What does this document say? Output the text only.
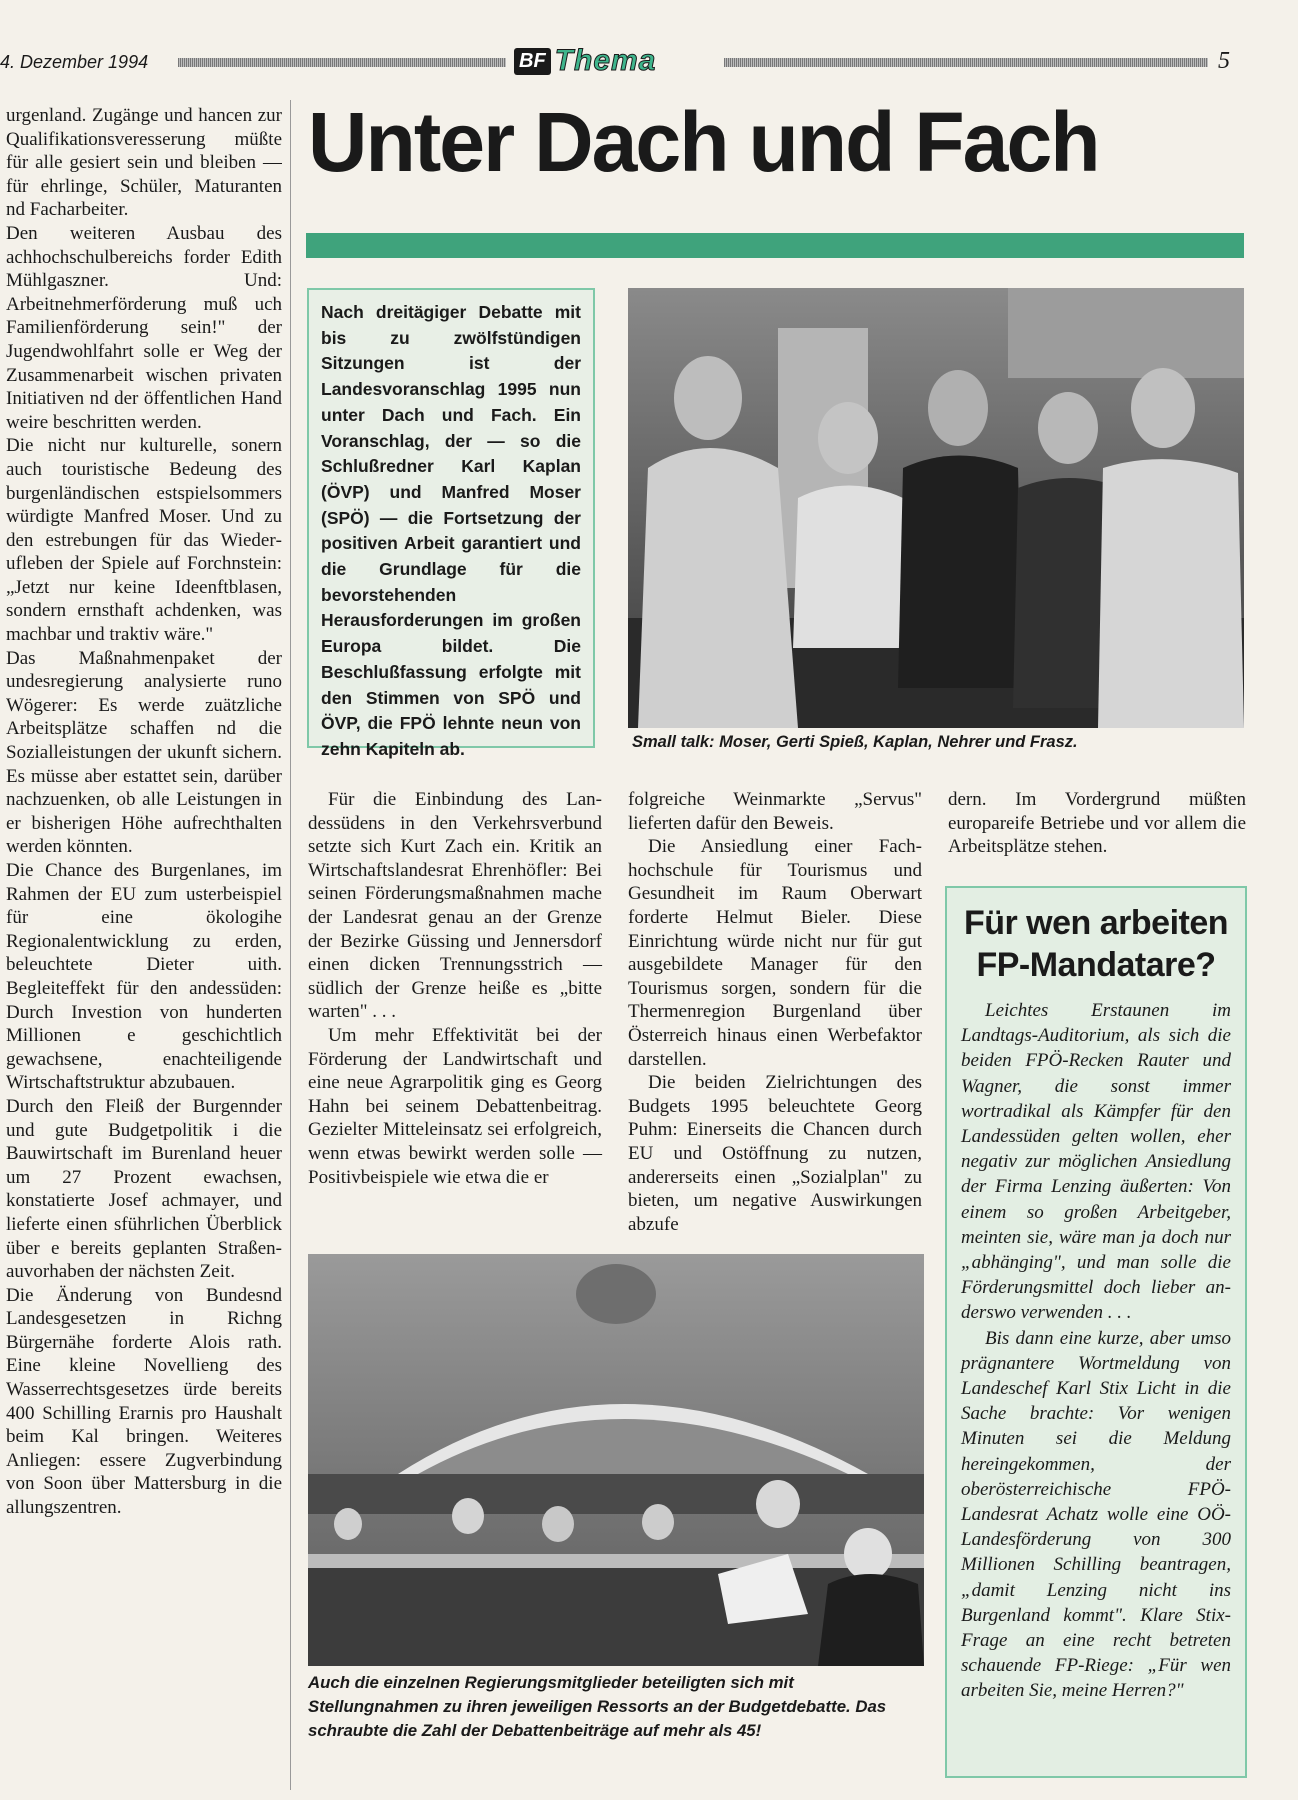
4. Dezember 1994	BF Thema	5
Unter Dach und Fach

urgenland. Zugänge und hancen zur Qualifikationsveresserung müßte für alle gesiert sein und bleiben — für ehrlinge, Schüler, Maturanten nd Facharbeiter.

Den weiteren Ausbau des achhochschulbereichs forder Edith Mühlgaszner. Und: Arbeitnehmerförderung muß uch Familienförderung sein!" der Jugendwohlfahrt solle er Weg der Zusammenarbeit wischen privaten Initiativen nd der öffentlichen Hand weire beschritten werden.

Die nicht nur kulturelle, sonern auch touristische Bedeung des burgenländischen estspielsommers würdigte Manfred Moser. Und zu den estrebungen für das Wiederufleben der Spiele auf Forchnstein: „Jetzt nur keine Ideenftblasen, sondern ernsthaft achdenken, was machbar und traktiv wäre."

Das Maßnahmenpaket der undesregierung analysierte runo Wögerer: Es werde zuätzliche Arbeitsplätze schaffen nd die Sozialleistungen der ukunft sichern. Es müsse aber estattet sein, darüber nachzuenken, ob alle Leistungen in er bisherigen Höhe aufrechthalten werden könnten.

Die Chance des Burgenlanes, im Rahmen der EU zum usterbeispiel für eine ökologihe Regionalentwicklung zu erden, beleuchtete Dieter uith. Begleiteffekt für den andessüden: Durch Investion von hunderten Millionen e geschichtlich gewachsene, enachteiligende Wirtschaftstruktur abzubauen.

Durch den Fleiß der Burgennder und gute Budgetpolitik i die Bauwirtschaft im Burenland heuer um 27 Prozent ewachsen, konstatierte Josef achmayer, und lieferte einen sführlichen Überblick über e bereits geplanten Straßenauvorhaben der nächsten Zeit.

Die Änderung von Bundesnd Landesgesetzen in Richng Bürgernähe forderte Alois rath. Eine kleine Novellieng des Wasserrechtsgesetzes ürde bereits 400 Schilling Erarnis pro Haushalt beim Kal bringen. Weiteres Anliegen: essere Zugverbindung von Soon über Mattersburg in die allungszentren.

Nach dreitägiger Debatte mit bis zu zwölfstündigen Sitzungen ist der Landesvoranschlag 1995 nun unter Dach und Fach. Ein Voranschlag, der — so die Schlußredner Karl Kaplan (ÖVP) und Manfred Moser (SPÖ) — die Fortsetzung der positiven Arbeit garantiert und die Grundlage für die bevorstehenden Herausforderungen im großen Europa bildet. Die Beschlußfassung erfolgte mit den Stimmen von SPÖ und ÖVP, die FPÖ lehnte neun von zehn Kapiteln ab.	Small talk: Moser, Gerti Spieß, Kaplan, Nehrer und Frasz.

Für die Einbindung des Landessüdens in den Verkehrsverbund setzte sich Kurt Zach ein. Kritik an Wirtschaftslandesrat Ehrenhöfler: Bei seinen Förderungsmaßnahmen mache der Landesrat genau an der Grenze der Bezirke Güssing und Jennersdorf einen dicken Trennungsstrich — südlich der Grenze heiße es „bitte warten" . . .

Um mehr Effektivität bei der Förderung der Landwirtschaft und eine neue Agrarpolitik ging es Georg Hahn bei seinem Debattenbeitrag. Gezielter Mitteleinsatz sei erfolgreich, wenn etwas bewirkt werden solle — Positivbeispiele wie etwa die er

folgreiche Weinmarkte „Servus" lieferten dafür den Beweis.

Die Ansiedlung einer Fachhochschule für Tourismus und Gesundheit im Raum Oberwart forderte Helmut Bieler. Diese Einrichtung würde nicht nur für gut ausgebildete Manager für den Tourismus sorgen, sondern für die Thermenregion Burgenland über Österreich hinaus einen Werbefaktor darstellen.

Die beiden Zielrichtungen des Budgets 1995 beleuchtete Georg Puhm: Einerseits die Chancen durch EU und Ostöffnung zu nutzen, andererseits einen „Sozialplan" zu bieten, um negative Auswirkungen abzufe

dern. Im Vordergrund müßten europareife Betriebe und vor allem die Arbeitsplätze stehen.

Auch die einzelnen Regierungsmitglieder beteiligten sich mit Stellungnahmen zu ihren jeweiligen Ressorts an der Budgetdebatte. Das schraubte die Zahl der Debattenbeiträge auf mehr als 45!
Für wen arbeiten FP-Mandatare?

Leichtes Erstaunen im Landtags-Auditorium, als sich die beiden FPÖ-Recken Rauter und Wagner, die sonst immer wortradikal als Kämpfer für den Landessüden gelten wollen, eher negativ zur möglichen Ansiedlung der Firma Lenzing äußerten: Von einem so großen Arbeitgeber, meinten sie, wäre man ja doch nur „abhänging", und man solle die Förderungsmittel doch lieber anderswo verwenden . . .

Bis dann eine kurze, aber umso prägnantere Wortmeldung von Landeschef Karl Stix Licht in die Sache brachte: Vor wenigen Minuten sei die Meldung hereingekommen, der oberösterreichische FPÖ-Landesrat Achatz wolle eine OÖ-Landesförderung von 300 Millionen Schilling beantragen, „damit Lenzing nicht ins Burgenland kommt". Klare Stix-Frage an eine recht betreten schauende FP-Riege: „Für wen arbeiten Sie, meine Herren?"
